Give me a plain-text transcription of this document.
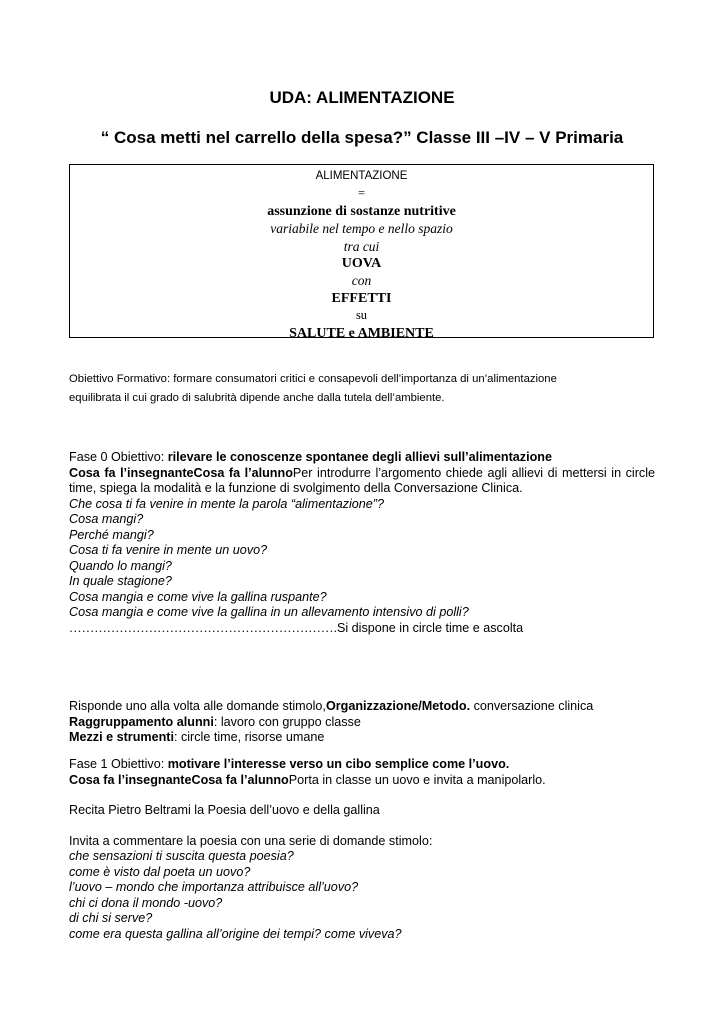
UDA: ALIMENTAZIONE
“ Cosa metti nel carrello della spesa?” Classe III –IV – V Primaria
ALIMENTAZIONE
=
assunzione di sostanze nutritive
variabile nel tempo e nello spazio
tra cui
UOVA
con
EFFETTI
su
SALUTE e AMBIENTE
Obiettivo Formativo: formare consumatori critici e consapevoli dell’importanza di un’alimentazione
equilibrata il cui grado di salubrità dipende anche dalla tutela dell’ambiente.
Fase 0 Obiettivo: rilevare le conoscenze spontanee degli allievi sull’alimentazione
Cosa fa l’insegnanteCosa fa l’alunnoPer introdurre l’argomento chiede agli allievi di mettersi in circle time, spiega la modalità e la funzione di svolgimento della Conversazione Clinica.
Che cosa ti fa venire in mente la parola “alimentazione”?
Cosa mangi?
Perché mangi?
Cosa ti fa venire in mente un uovo?
Quando lo mangi?
In quale stagione?
Cosa mangia e come vive la gallina ruspante?
Cosa mangia e come vive la gallina in un allevamento intensivo di polli?
……………………………………………………….Si dispone in circle time e ascolta
Risponde uno alla volta alle domande stimolo,Organizzazione/Metodo. conversazione clinica
Raggruppamento alunni: lavoro con gruppo classe
Mezzi e strumenti: circle time, risorse umane
Fase 1 Obiettivo: motivare l’interesse verso un cibo semplice come l’uovo.
Cosa fa l’insegnanteCosa fa l’alunnoPorta in classe un uovo e invita a manipolarlo.
Recita Pietro Beltrami la Poesia dell’uovo e della gallina
Invita a commentare la poesia con una serie di domande stimolo:
che sensazioni ti suscita questa poesia?
come è visto dal poeta un uovo?
l’uovo – mondo che importanza attribuisce all’uovo?
chi ci dona il mondo -uovo?
di chi si serve?
come era questa gallina all’origine dei tempi? come viveva?
